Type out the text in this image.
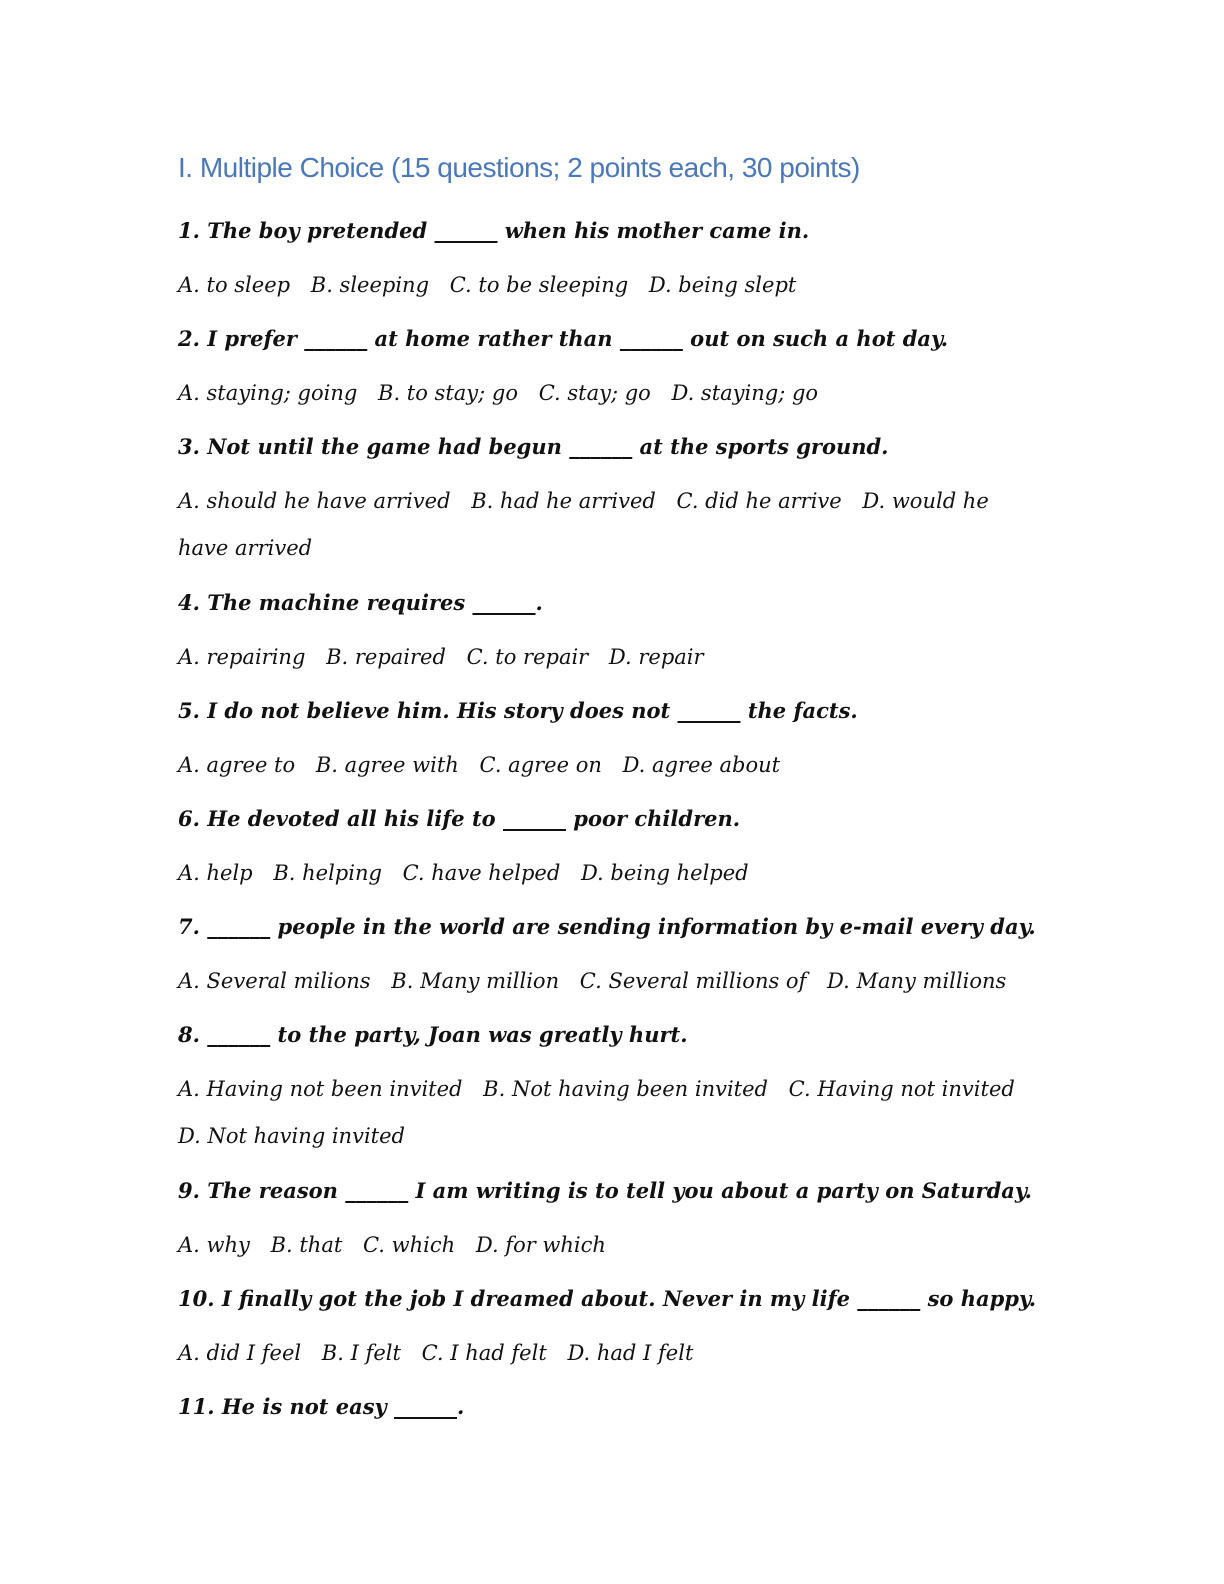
I. Multiple Choice (15 questions; 2 points each, 30 points)
1. The boy pretended ______ when his mother came in.
A. to sleep B. sleeping C. to be sleeping D. being slept
2. I prefer ______ at home rather than ______ out on such a hot day.
A. staying; going B. to stay; go C. stay; go D. staying; go
3. Not until the game had begun ______ at the sports ground.
A. should he have arrived B. had he arrived C. did he arrive D. would he have arrived
4. The machine requires ______.
A. repairing B. repaired C. to repair D. repair
5. I do not believe him. His story does not ______ the facts.
A. agree to B. agree with C. agree on D. agree about
6. He devoted all his life to ______ poor children.
A. help B. helping C. have helped D. being helped
7. ______ people in the world are sending information by e-mail every day.
A. Several milions B. Many million C. Several millions of D. Many millions
8. ______ to the party, Joan was greatly hurt.
A. Having not been invited B. Not having been invited C. Having not invited D. Not having invited
9. The reason ______ I am writing is to tell you about a party on Saturday.
A. why B. that C. which D. for which
10. I finally got the job I dreamed about. Never in my life ______ so happy.
A. did I feel B. I felt C. I had felt D. had I felt
11. He is not easy ______.
